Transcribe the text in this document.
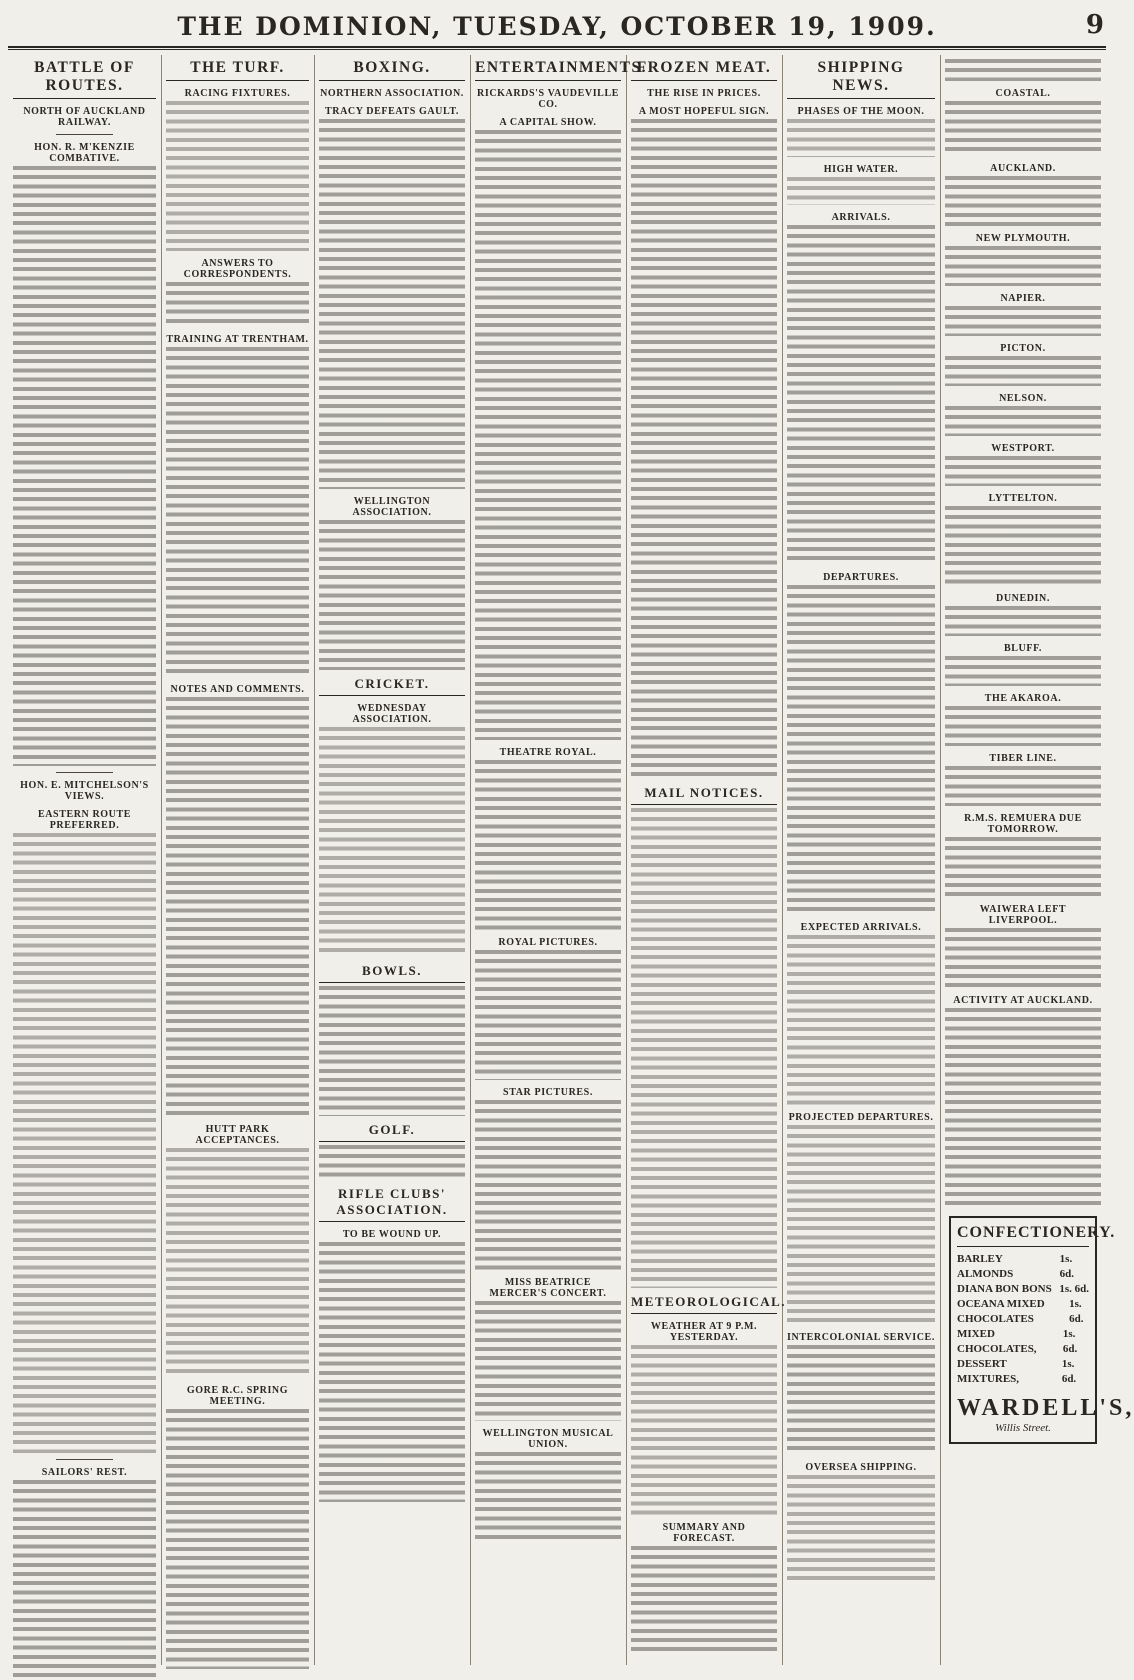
THE DOMINION, TUESDAY, OCTOBER 19, 1909.	9
BATTLE OF ROUTES.
NORTH OF AUCKLAND RAILWAY.
HON. R. M'KENZIE COMBATIVE.
HON. E. MITCHELSON'S VIEWS.
EASTERN ROUTE PREFERRED.
SAILORS' REST.
THE TURF.
RACING FIXTURES.
ANSWERS TO CORRESPONDENTS.
TRAINING AT TRENTHAM.
NOTES AND COMMENTS.
HUTT PARK ACCEPTANCES.
GORE R.C. SPRING MEETING.
BOXING.
NORTHERN ASSOCIATION.
TRACY DEFEATS GAULT.
WELLINGTON ASSOCIATION.
CRICKET.
WEDNESDAY ASSOCIATION.
BOWLS.
GOLF.
RIFLE CLUBS' ASSOCIATION.
TO BE WOUND UP.
ENTERTAINMENTS.
RICKARDS'S VAUDEVILLE CO.
A CAPITAL SHOW.
THEATRE ROYAL.
ROYAL PICTURES.
STAR PICTURES.
MISS BEATRICE MERCER'S CONCERT.
WELLINGTON MUSICAL UNION.
FROZEN MEAT.
THE RISE IN PRICES.
A MOST HOPEFUL SIGN.
MAIL NOTICES.
METEOROLOGICAL.
WEATHER AT 9 P.M. YESTERDAY.
SUMMARY AND FORECAST.
SHIPPING NEWS.
PHASES OF THE MOON.
HIGH WATER.
ARRIVALS.
DEPARTURES.
EXPECTED ARRIVALS.
PROJECTED DEPARTURES.
INTERCOLONIAL SERVICE.
OVERSEA SHIPPING.
COASTAL.
AUCKLAND.
NEW PLYMOUTH.
NAPIER.
PICTON.
NELSON.
WESTPORT.
LYTTELTON.
DUNEDIN.
BLUFF.
THE AKAROA.
TIBER LINE.
R.M.S. REMUERA DUE TOMORROW.
WAIWERA LEFT LIVERPOOL.
ACTIVITY AT AUCKLAND.
CONFECTIONERY.
BARLEY ALMONDS
1s. 6d.
DIANA BON BONS 1s. 6d.
OCEANA MIXED CHOCOLATES
1s. 6d.
MIXED CHOCOLATES,
1s. 6d.
DESSERT MIXTURES,
1s. 6d.
WARDELL'S,
Willis Street.
